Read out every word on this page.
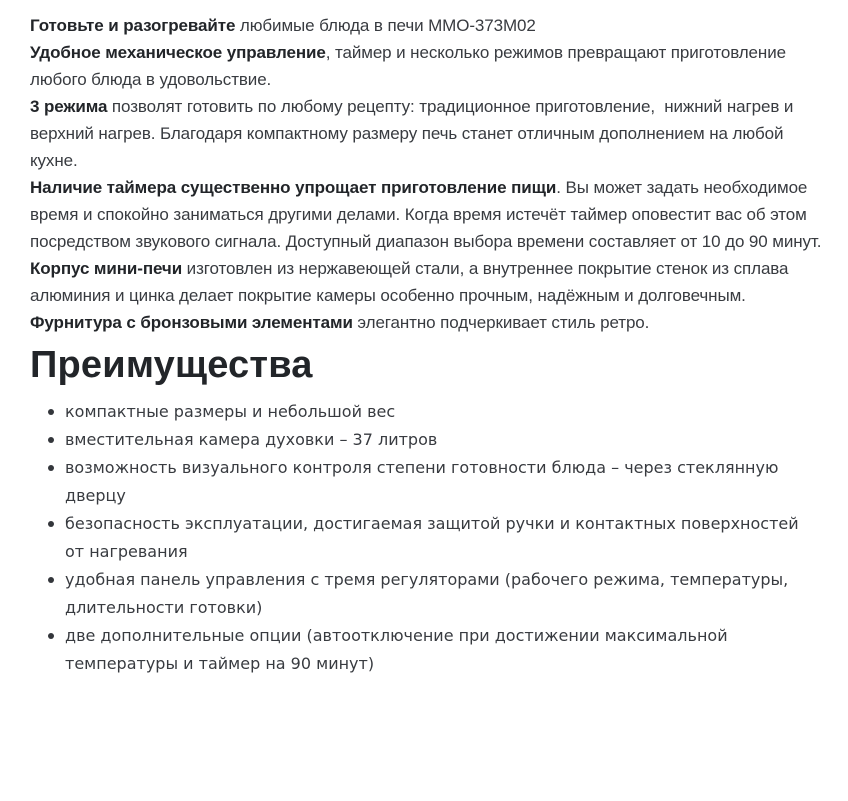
Готовьте и разогревайте любимые блюда в печи MMO-373M02

Удобное механическое управление, таймер и несколько режимов превращают приготовление любого блюда в удовольствие.

3 режима позволят готовить по любому рецепту: традиционное приготовление,  нижний нагрев и верхний нагрев. Благодаря компактному размеру печь станет отличным дополнением на любой кухне.

Наличие таймера существенно упрощает приготовление пищи. Вы может задать необходимое время и спокойно заниматься другими делами. Когда время истечёт таймер оповестит вас об этом посредством звукового сигнала. Доступный диапазон выбора времени составляет от 10 до 90 минут.

Корпус мини-печи изготовлен из нержавеющей стали, а внутреннее покрытие стенок из сплава алюминия и цинка делает покрытие камеры особенно прочным, надёжным и долговечным.

Фурнитура с бронзовыми элементами элегантно подчеркивает стиль ретро.

Преимущества
компактные размеры и небольшой вес
вместительная камера духовки – 37 литров
возможность визуального контроля степени готовности блюда – через стеклянную дверцу
безопасность эксплуатации, достигаемая защитой ручки и контактных поверхностей от нагревания
удобная панель управления с тремя регуляторами (рабочего режима, температуры, длительности готовки)
две дополнительные опции (автоотключение при достижении максимальной температуры и таймер на 90 минут)
